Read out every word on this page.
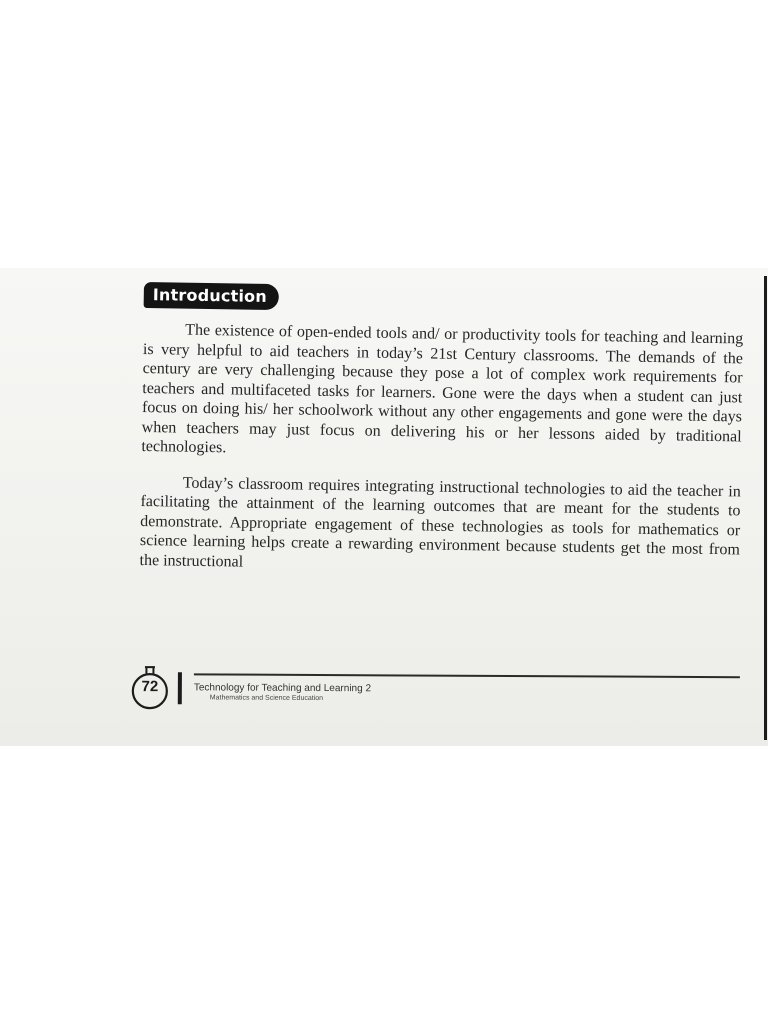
Introduction

The existence of open-ended tools and/ or productivity tools for teaching and learning is very helpful to aid teachers in today’s 21st Century classrooms. The demands of the century are very challenging because they pose a lot of complex work requirements for teachers and multifaceted tasks for learners. Gone were the days when a student can just focus on doing his/ her schoolwork without any other engagements and gone were the days when teachers may just focus on delivering his or her lessons aided by traditional technologies.

Today’s classroom requires integrating instructional technologies to aid the teacher in facilitating the attainment of the learning outcomes that are meant for the students to demonstrate. Appropriate engagement of these technologies as tools for mathematics or science learning helps create a rewarding environment because students get the most from the instructional

72	Technology for Teaching and Learning 2
Mathematics and Science Education
